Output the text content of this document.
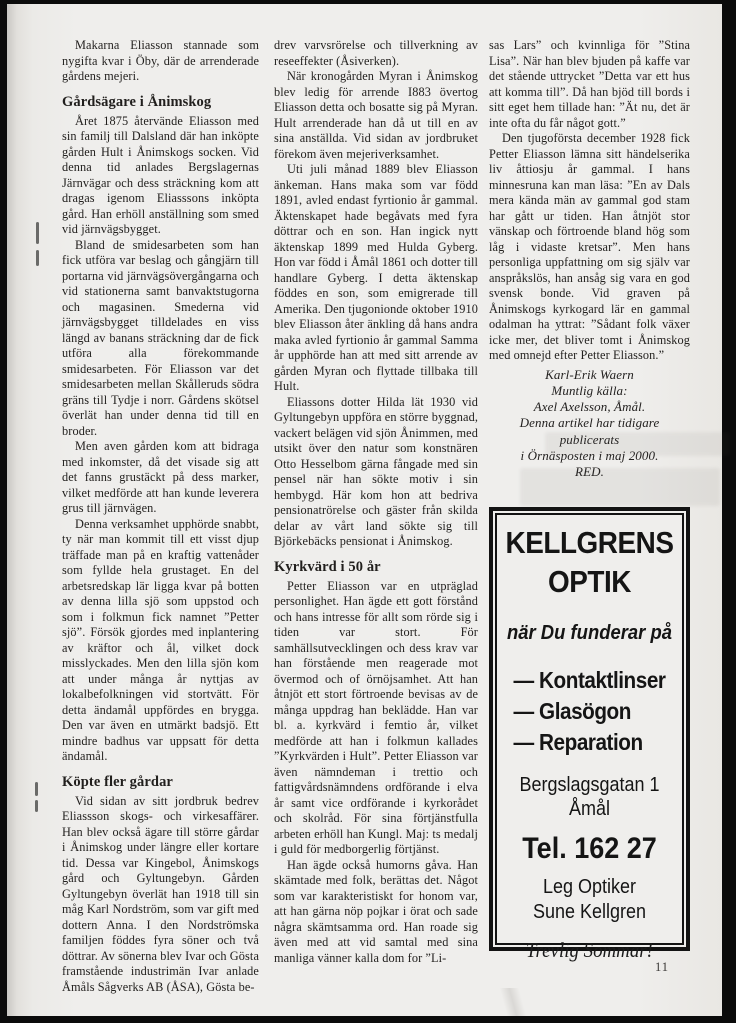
Makarna Eliasson stannade som nygifta kvar i Öby, där de arrenderade gårdens mejeri.

Gårdsägare i Ånimskog

Året 1875 återvände Eliasson med sin familj till Dalsland där han inköpte gården Hult i Ånimskogs socken. Vid denna tid anlades Bergslagernas Järnvägar och dess sträckning kom att dragas igenom Eliasssons inköpta gård. Han erhöll anställning som smed vid järnvägsbygget.

Bland de smidesarbeten som han fick utföra var beslag och gångjärn till portarna vid järnvägsövergångarna och vid stationerna samt banvaktstugorna och magasinen. Smederna vid järnvägsbygget tilldelades en viss längd av banans sträckning dar de fick utföra alla förekommande smidesarbeten. För Eliasson var det smidesarbeten mellan Skålleruds södra gräns till Tydje i norr. Gårdens skötsel överlät han under denna tid till en broder.

Men aven gården kom att bidraga med inkomster, då det visade sig att det fanns grustäckt på dess marker, vilket medförde att han kunde leverera grus till järnvägen.

Denna verksamhet upphörde snabbt, ty när man kommit till ett visst djup träffade man på en kraftig vattenåder som fyllde hela grustaget. En del arbetsredskap lär ligga kvar på botten av denna lilla sjö som uppstod och som i folkmun fick namnet ”Petter sjö”. Försök gjordes med inplantering av kräftor och ål, vilket dock misslyckades. Men den lilla sjön kom att under många år nyttjas av lokalbefolkningen vid stortvätt. För detta ändamål uppfördes en brygga. Den var även en utmärkt badsjö. Ett mindre badhus var uppsatt för detta ändamål.

Köpte fler gårdar

Vid sidan av sitt jordbruk bedrev Eliassson skogs- och virkesaffärer. Han blev också ägare till större gårdar i Ånimskog under längre eller kortare tid. Dessa var Kingebol, Ånimskogs gård och Gyltungebyn. Gården Gyltungebyn överlät han 1918 till sin måg Karl Nordström, som var gift med dottern Anna. I den Nordströmska familjen föddes fyra söner och två döttrar. Av sönerna blev Ivar och Gösta framstående industrimän Ivar anlade Åmåls Sågverks AB (ÅSA), Gösta be-

drev varvsrörelse och tillverkning av reseeffekter (Åsiverken).

När kronogården Myran i Ånimskog blev ledig för arrende I883 övertog Eliasson detta och bosatte sig på Myran. Hult arrenderade han då ut till en av sina anställda. Vid sidan av jordbruket förekom även mejeriverksamhet.

Uti juli månad 1889 blev Eliasson änkeman. Hans maka som var född 1891, avled endast fyrtionio år gammal. Äktenskapet hade begåvats med fyra döttrar och en son. Han ingick nytt äktenskap 1899 med Hulda Gyberg. Hon var född i Åmål 1861 och dotter till handlare Gyberg. I detta äktenskap föddes en son, som emigrerade till Amerika. Den tjugonionde oktober 1910 blev Eliasson åter änkling då hans andra maka avled fyrtionio år gammal Samma år upphörde han att med sitt arrende av gården Myran och flyttade tillbaka till Hult.

Eliassons dotter Hilda lät 1930 vid Gyltungebyn uppföra en större byggnad, vackert belägen vid sjön Ånimmen, med utsikt över den natur som konstnären Otto Hesselbom gärna fångade med sin pensel när han sökte motiv i sin hembygd. Här kom hon att bedriva pensionatrörelse och gäster från skilda delar av vårt land sökte sig till Björkebäcks pensionat i Ånimskog.

Kyrkvärd i 50 år

Petter Eliasson var en utpräglad personlighet. Han ägde ett gott förstånd och hans intresse för allt som rörde sig i tiden var stort. För samhällsutvecklingen och dess krav var han förstående men reagerade mot övermod och of örnöjsamhet. Att han åtnjöt ett stort förtroende bevisas av de många uppdrag han beklädde. Han var bl. a. kyrkvärd i femtio år, vilket medförde att han i folkmun kallades ”Kyrkvärden i Hult”. Petter Eliasson var även nämndeman i trettio och fattigvårdsnämndens ordförande i elva år samt vice ordförande i kyrkorådet och skolråd. För sina förtjänstfulla arbeten erhöll han Kungl. Maj: ts medalj i guld för medborgerlig förtjänst.

Han ägde också humorns gåva. Han skämtade med folk, berättas det. Något som var karakteristiskt for honom var, att han gärna nöp pojkar i örat och sade några skämtsamma ord. Han roade sig även med att vid samtal med sina manliga vänner kalla dom for ”Li-

sas Lars” och kvinnliga för ”Stina Lisa”. När han blev bjuden på kaffe var det stående uttrycket ”Detta var ett hus att komma till”. Då han bjöd till bords i sitt eget hem tillade han: ”Ät nu, det är inte ofta du får något gott.”

Den tjugoförsta december 1928 fick Petter Eliasson lämna sitt händelserika liv åttiosju år gammal. I hans minnesruna kan man läsa: ”En av Dals mera kända män av gammal god stam har gått ur tiden. Han åtnjöt stor vänskap och förtroende bland hög som låg i vidaste kretsar”. Men hans personliga uppfattning om sig själv var anspråkslös, han ansåg sig vara en god svensk bonde. Vid graven på Ånimskogs kyrkogard lär en gammal odalman ha yttrat: ”Sådant folk växer icke mer, det bliver tomt i Ånimskog med omnejd efter Petter Eliasson.”

Karl-Erik Waern
Muntlig källa:
Axel Axelsson, Åmål.
Denna artikel har tidigare publicerats
i Örnäsposten i maj 2000.
RED.
KELLGRENS
OPTIK
när Du funderar på
— Kontaktlinser
— Glasögon
— Reparation
Bergslagsgatan 1
Åmål
Tel. 162 27
Leg Optiker
Sune Kellgren
Trevlig Sommar!
11
